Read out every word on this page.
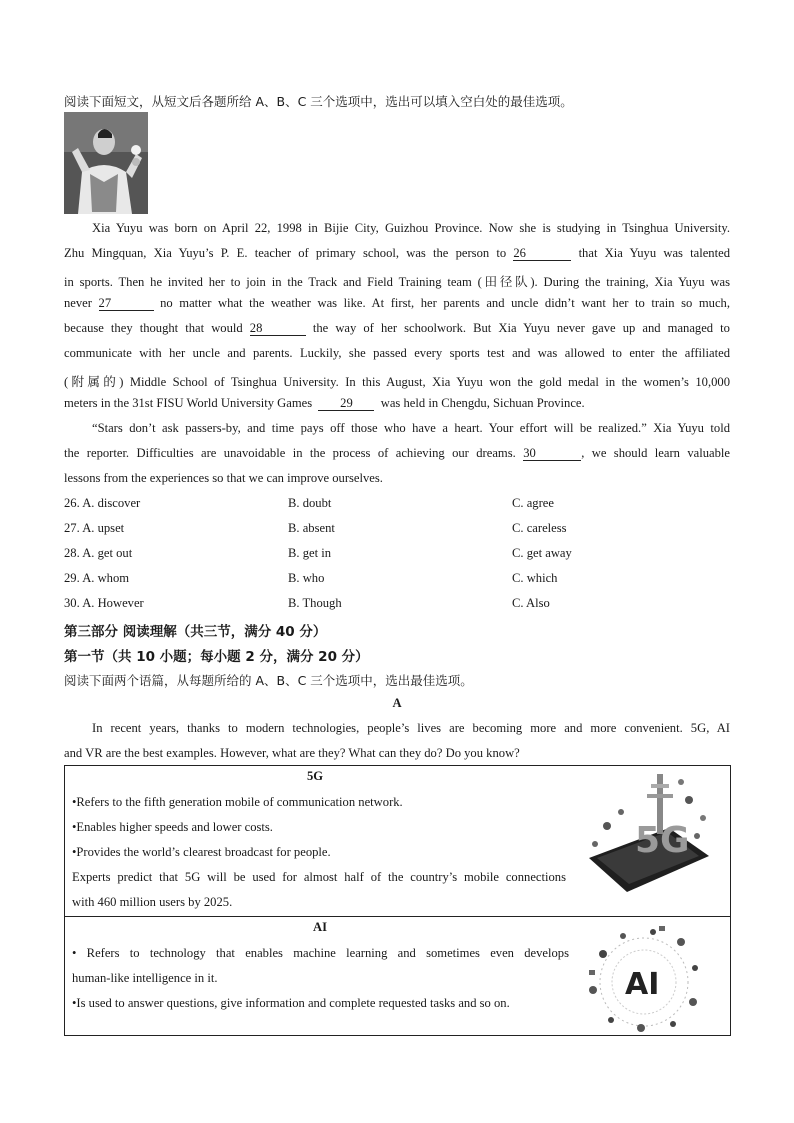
阅读下面短文，从短文后各题所给 A、B、C 三个选项中，选出可以填入空白处的最佳选项。
Xia Yuyu was born on April 22, 1998 in Bijie City, Guizhou Province. Now she is studying in Tsinghua University.
Zhu Mingquan, Xia Yuyu’s P. E. teacher of primary school, was the person to 26	that Xia Yuyu was talented
in sports. Then he invited her to join in the Track and Field Training team (田径队). During the training, Xia Yuyu was
never 27	no matter what the weather was like. At first, her parents and uncle didn’t want her to train so much,
because they thought that would 28	the way of her schoolwork. But Xia Yuyu never gave up and managed to
communicate with her uncle and parents. Luckily, she passed every sports test and was allowed to enter the affiliated
(附属的) Middle School of Tsinghua University. In this August, Xia Yuyu won the gold medal in the women’s 10,000
meters in the 31st FISU World University Games 29 was held in Chengdu, Sichuan Province.
“Stars don’t ask passers-by, and time pays off those who have a heart. Your effort will be realized.” Xia Yuyu told
the reporter. Difficulties are unavoidable in the process of achieving our dreams. 30	, we should learn valuable
lessons from the experiences so that we can improve ourselves.
26. A. discover	B. doubt	C. agree
27. A. upset	B. absent	C. careless
28. A. get out	B. get in	C. get away
29. A. whom	B. who	C. which
30. A. However	B. Though	C. Also
第三部分 阅读理解（共三节，满分 40 分）
第一节（共 10 小题；每小题 2 分，满分 20 分）
阅读下面两个语篇，从每题所给的 A、B、C 三个选项中，选出最佳选项。
A
In recent years, thanks to modern technologies, people’s lives are becoming more and more convenient. 5G, AI
and VR are the best examples. However, what are they? What can they do? Do you know?
5G
•Refers to the fifth generation mobile of communication network.
•Enables higher speeds and lower costs.
•Provides the world’s clearest broadcast for people.
Experts predict that 5G will be used for almost half of the country’s mobile connections
with 460 million users by 2025.
5G
AI
• Refers to technology that enables machine learning and sometimes even develops
human-like intelligence in it.
•Is used to answer questions, give information and complete requested tasks and so on.
AI
